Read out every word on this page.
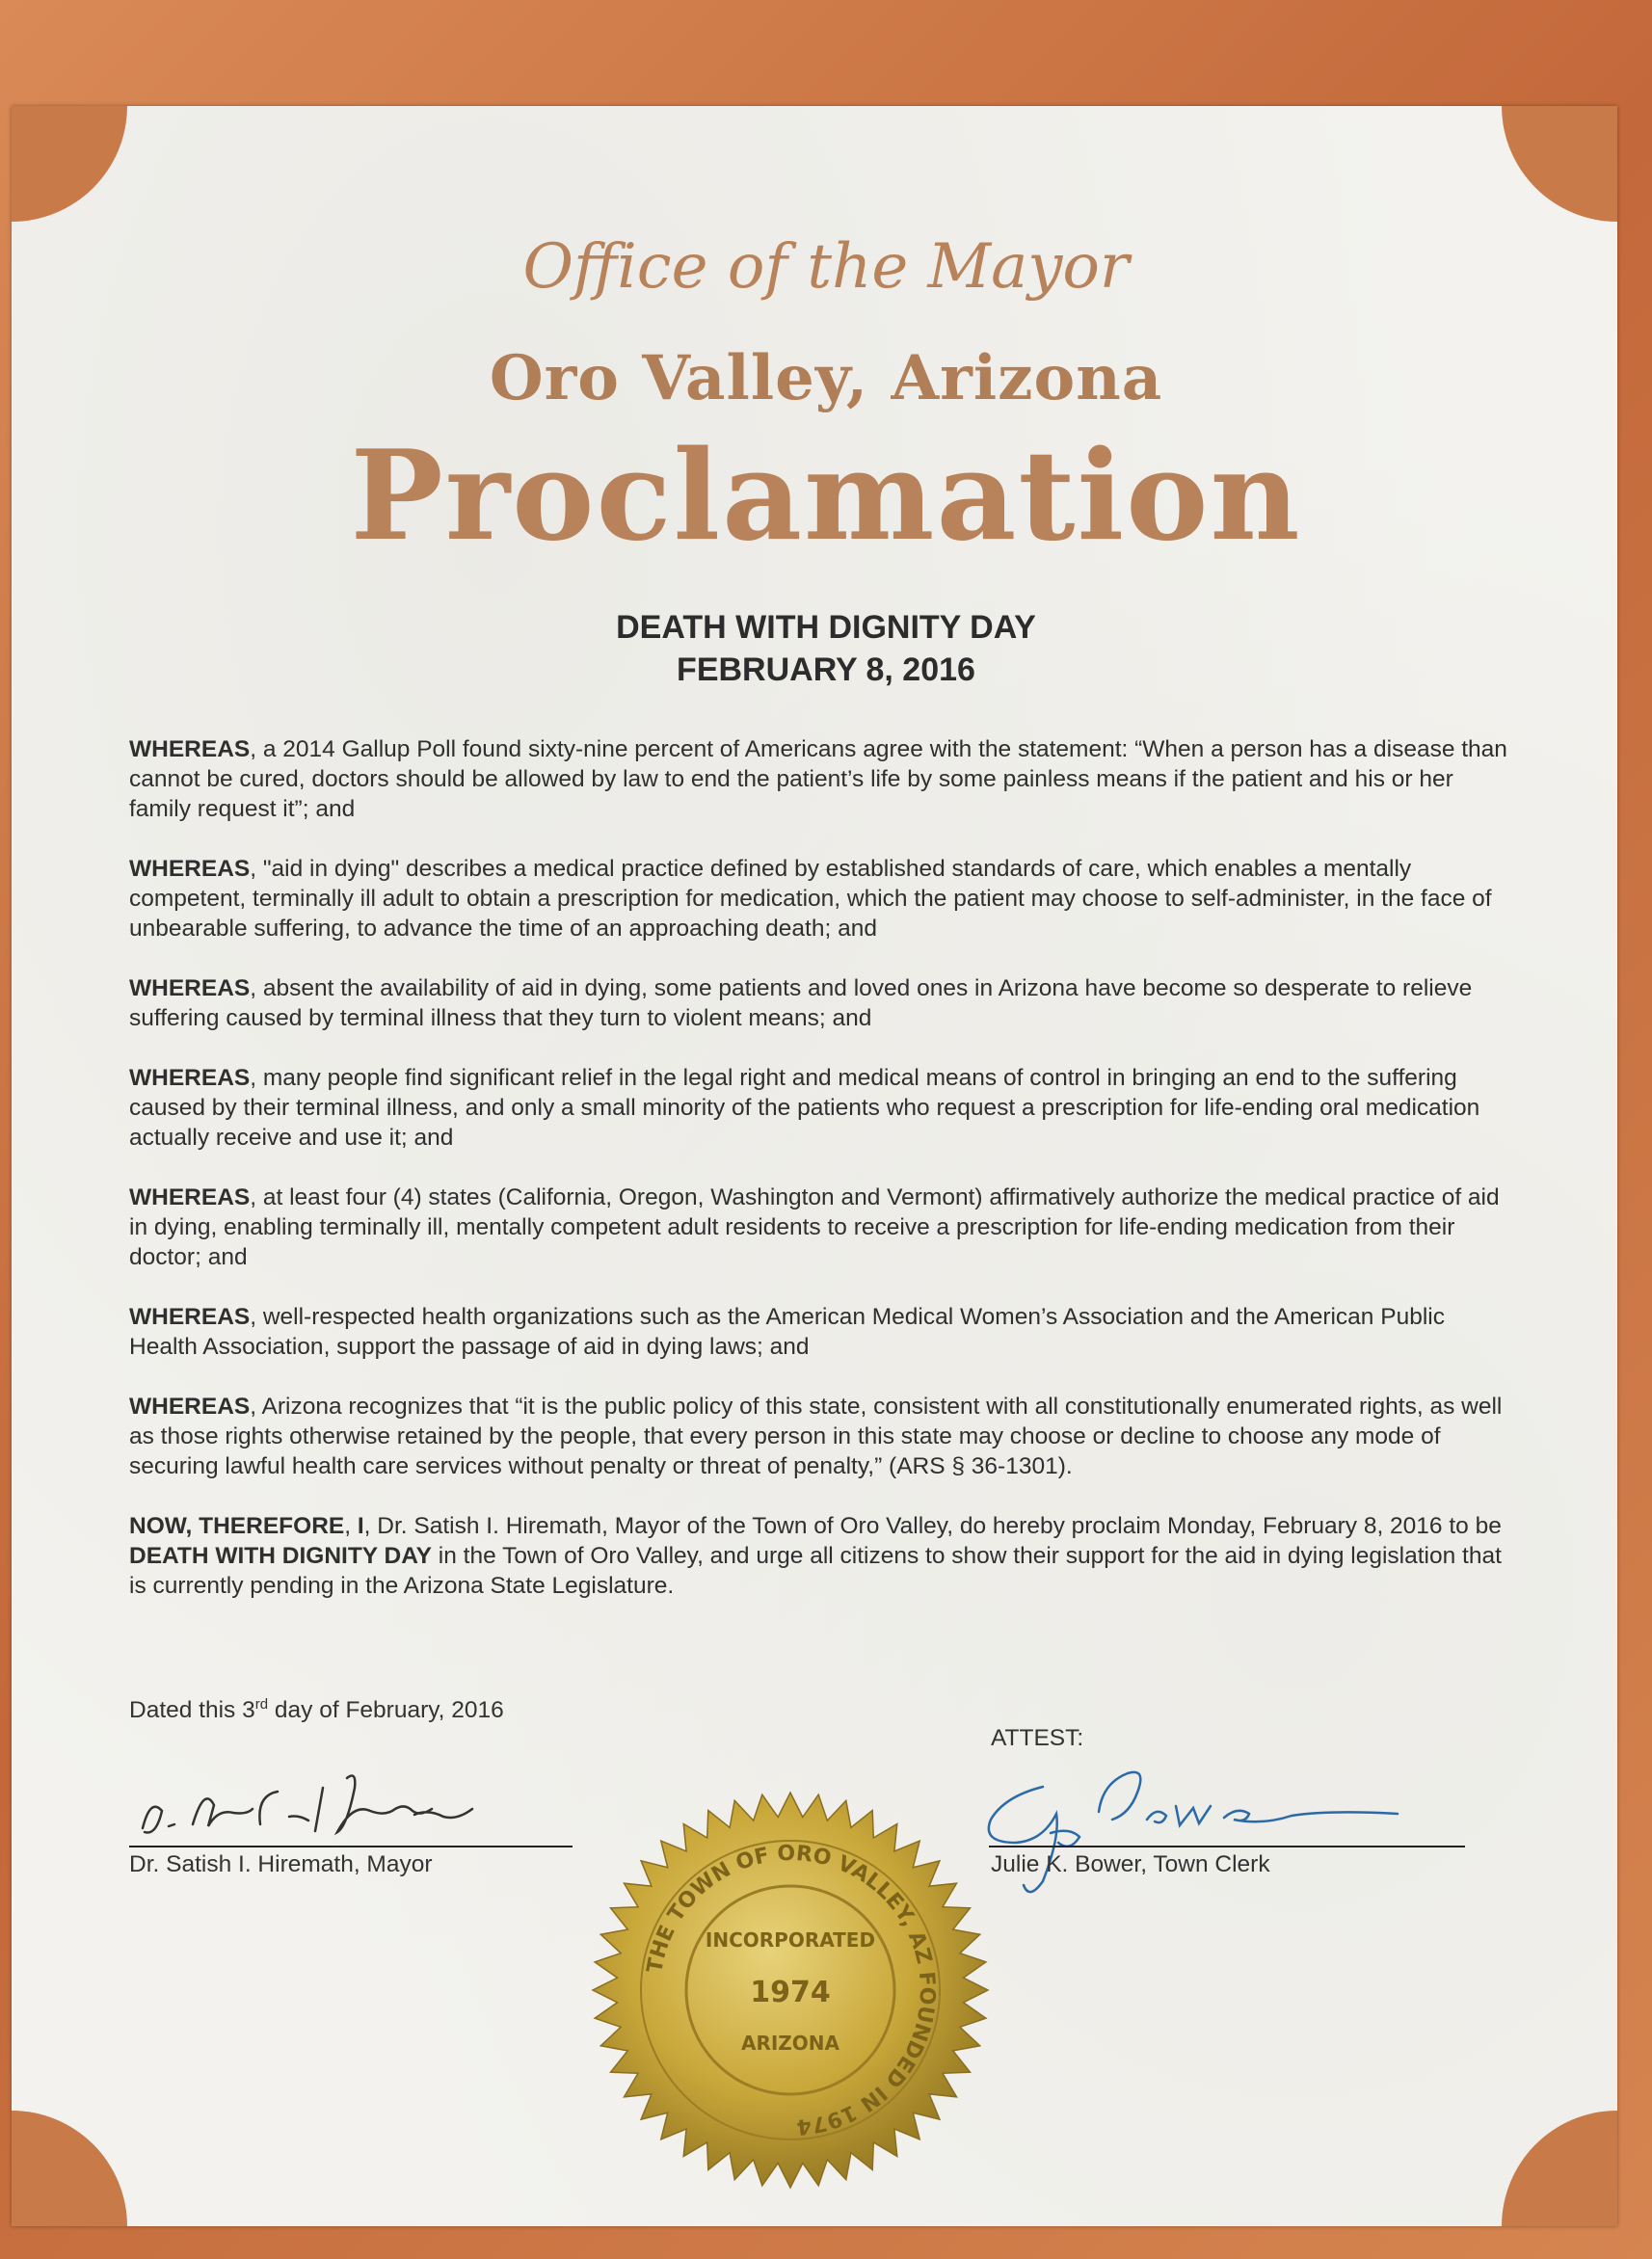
Office of the Mayor
Oro Valley, Arizona
Proclamation
DEATH WITH DIGNITY DAY
FEBRUARY 8, 2016

WHEREAS, a 2014 Gallup Poll found sixty-nine percent of Americans agree with the statement: “When a person has a disease than cannot be cured, doctors should be allowed by law to end the patient’s life by some painless means if the patient and his or her family request it”; and

WHEREAS, "aid in dying" describes a medical practice defined by established standards of care, which enables a mentally competent, terminally ill adult to obtain a prescription for medication, which the patient may choose to self-administer, in the face of unbearable suffering, to advance the time of an approaching death; and

WHEREAS, absent the availability of aid in dying, some patients and loved ones in Arizona have become so desperate to relieve suffering caused by terminal illness that they turn to violent means; and

WHEREAS, many people find significant relief in the legal right and medical means of control in bringing an end to the suffering caused by their terminal illness, and only a small minority of the patients who request a prescription for life-ending oral medication actually receive and use it; and

WHEREAS, at least four (4) states (California, Oregon, Washington and Vermont) affirmatively authorize the medical practice of aid in dying, enabling terminally ill, mentally competent adult residents to receive a prescription for life-ending medication from their doctor; and

WHEREAS, well-respected health organizations such as the American Medical Women’s Association and the American Public Health Association, support the passage of aid in dying laws; and

WHEREAS, Arizona recognizes that “it is the public policy of this state, consistent with all constitutionally enumerated rights, as well as those rights otherwise retained by the people, that every person in this state may choose or decline to choose any mode of securing lawful health care services without penalty or threat of penalty,” (ARS § 36-1301).

NOW, THEREFORE, I, Dr. Satish I. Hiremath, Mayor of the Town of Oro Valley, do hereby proclaim Monday, February 8, 2016 to be DEATH WITH DIGNITY DAY in the Town of Oro Valley, and urge all citizens to show their support for the aid in dying legislation that is currently pending in the Arizona State Legislature.

Dated this 3rd day of February, 2016
ATTEST:
Dr. Satish I. Hiremath, Mayor	Julie K. Bower, Town Clerk
THE TOWN OF ORO VALLEY, AZ FOUNDED IN 1974
INCORPORATED
1974
ARIZONA
